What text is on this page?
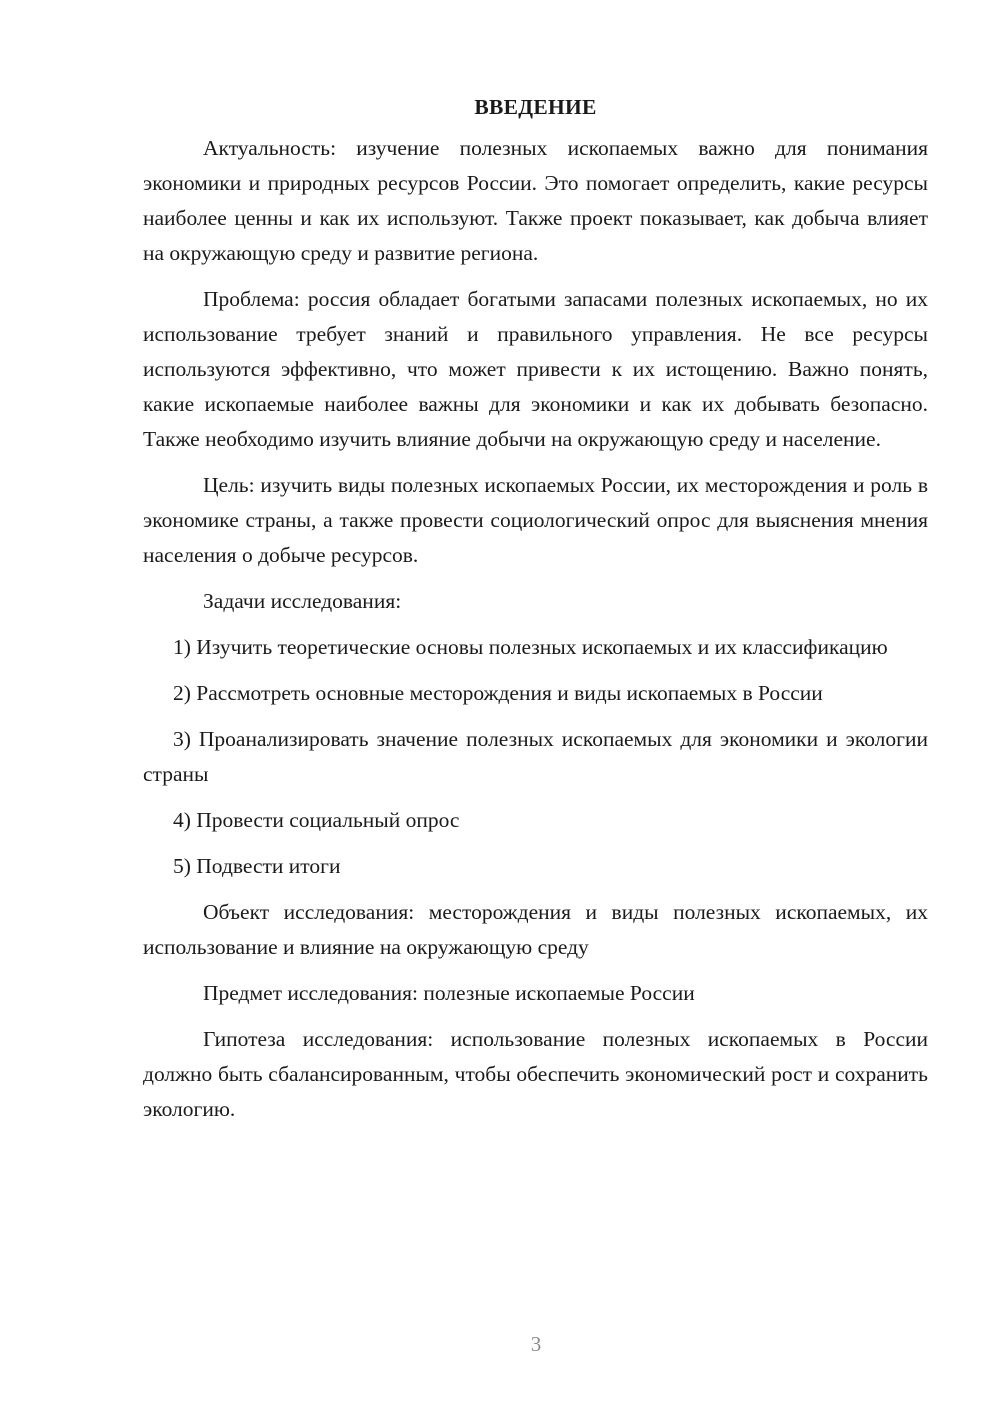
ВВЕДЕНИЕ

Актуальность: изучение полезных ископаемых важно для понимания экономики и природных ресурсов России. Это помогает определить, какие ресурсы наиболее ценны и как их используют. Также проект показывает, как добыча влияет на окружающую среду и развитие региона.

Проблема: россия обладает богатыми запасами полезных ископаемых, но их использование требует знаний и правильного управления. Не все ресурсы используются эффективно, что может привести к их истощению. Важно понять, какие ископаемые наиболее важны для экономики и как их добывать безопасно. Также необходимо изучить влияние добычи на окружающую среду и население.

Цель: изучить виды полезных ископаемых России, их месторождения и роль в экономике страны, а также провести социологический опрос для выяснения мнения населения о добыче ресурсов.

Задачи исследования:

1) Изучить теоретические основы полезных ископаемых и их классификацию

2) Рассмотреть основные месторождения и виды ископаемых в России

3) Проанализировать значение полезных ископаемых для экономики и экологии страны

4) Провести социальный опрос

5) Подвести итоги

Объект исследования: месторождения и виды полезных ископаемых, их использование и влияние на окружающую среду

Предмет исследования: полезные ископаемые России

Гипотеза исследования: использование полезных ископаемых в России должно быть сбалансированным, чтобы обеспечить экономический рост и сохранить экологию.

3
